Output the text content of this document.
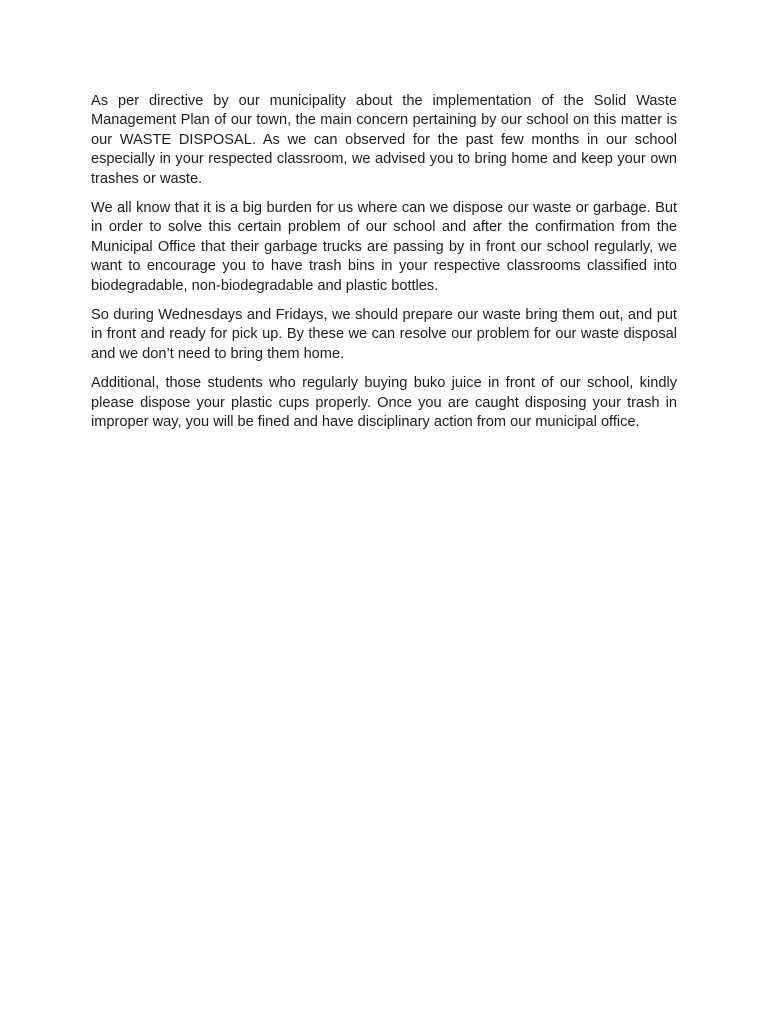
As per directive by our municipality about the implementation of the Solid Waste Management Plan of our town, the main concern pertaining by our school on this matter is our WASTE DISPOSAL. As we can observed for the past few months in our school especially in your respected classroom, we advised you to bring home and keep your own trashes or waste.

We all know that it is a big burden for us where can we dispose our waste or garbage. But in order to solve this certain problem of our school and after the confirmation from the Municipal Office that their garbage trucks are passing by in front our school regularly, we want to encourage you to have trash bins in your respective classrooms classified into biodegradable, non-biodegradable and plastic bottles.

So during Wednesdays and Fridays, we should prepare our waste bring them out, and put in front and ready for pick up. By these we can resolve our problem for our waste disposal and we don’t need to bring them home.

Additional, those students who regularly buying buko juice in front of our school, kindly please dispose your plastic cups properly. Once you are caught disposing your trash in improper way, you will be fined and have disciplinary action from our municipal office.
